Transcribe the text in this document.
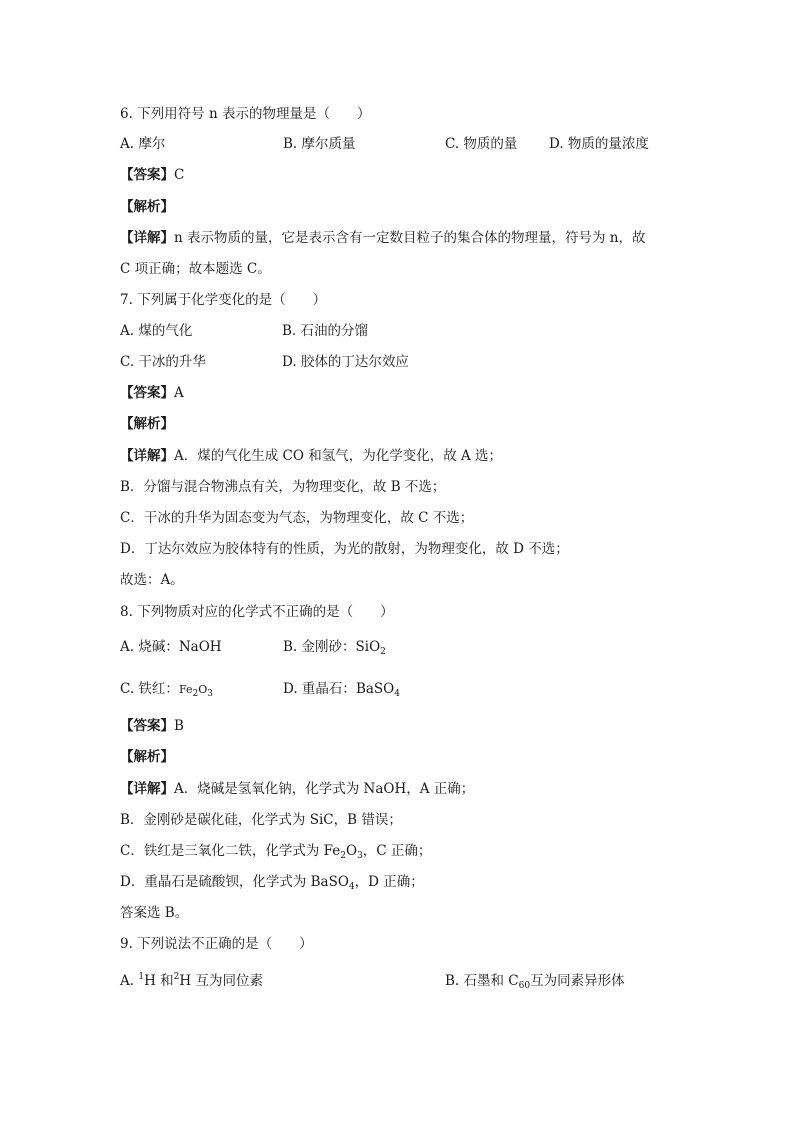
6. 下列用符号 n 表示的物理量是（　　）
A. 摩尔	B. 摩尔质量	C. 物质的量 D. 物质的量浓度
【答案】C
【解析】
【详解】n 表示物质的量，它是表示含有一定数目粒子的集合体的物理量，符号为 n，故
C 项正确；故本题选 C。
7. 下列属于化学变化的是（　　）
A. 煤的气化	B. 石油的分馏
C. 干冰的升华	D. 胶体的丁达尔效应
【答案】A
【解析】
【详解】A．煤的气化生成 CO 和氢气，为化学变化，故 A 选；
B．分馏与混合物沸点有关，为物理变化，故 B 不选；
C．干冰的升华为固态变为气态，为物理变化，故 C 不选；
D．丁达尔效应为胶体特有的性质，为光的散射，为物理变化，故 D 不选；
故选：A。
8. 下列物质对应的化学式不正确的是（　　）
A. 烧碱：NaOH	B. 金刚砂：SiO$_2$
C. 铁红：$Fe_2O_3$	D. 重晶石：BaSO$_4$
【答案】B
【解析】
【详解】A．烧碱是氢氧化钠，化学式为 NaOH，A 正确；
B．金刚砂是碳化硅，化学式为 SiC，B 错误；
C．铁红是三氧化二铁，化学式为 $Fe_2O_3$，C 正确；
D．重晶石是硫酸钡，化学式为 BaSO$_4$，D 正确；
答案选 B。
9. 下列说法不正确的是（　　）
A. $^1$H 和$^2$H 互为同位素	B. 石墨和 $C_{60}$互为同素异形体
